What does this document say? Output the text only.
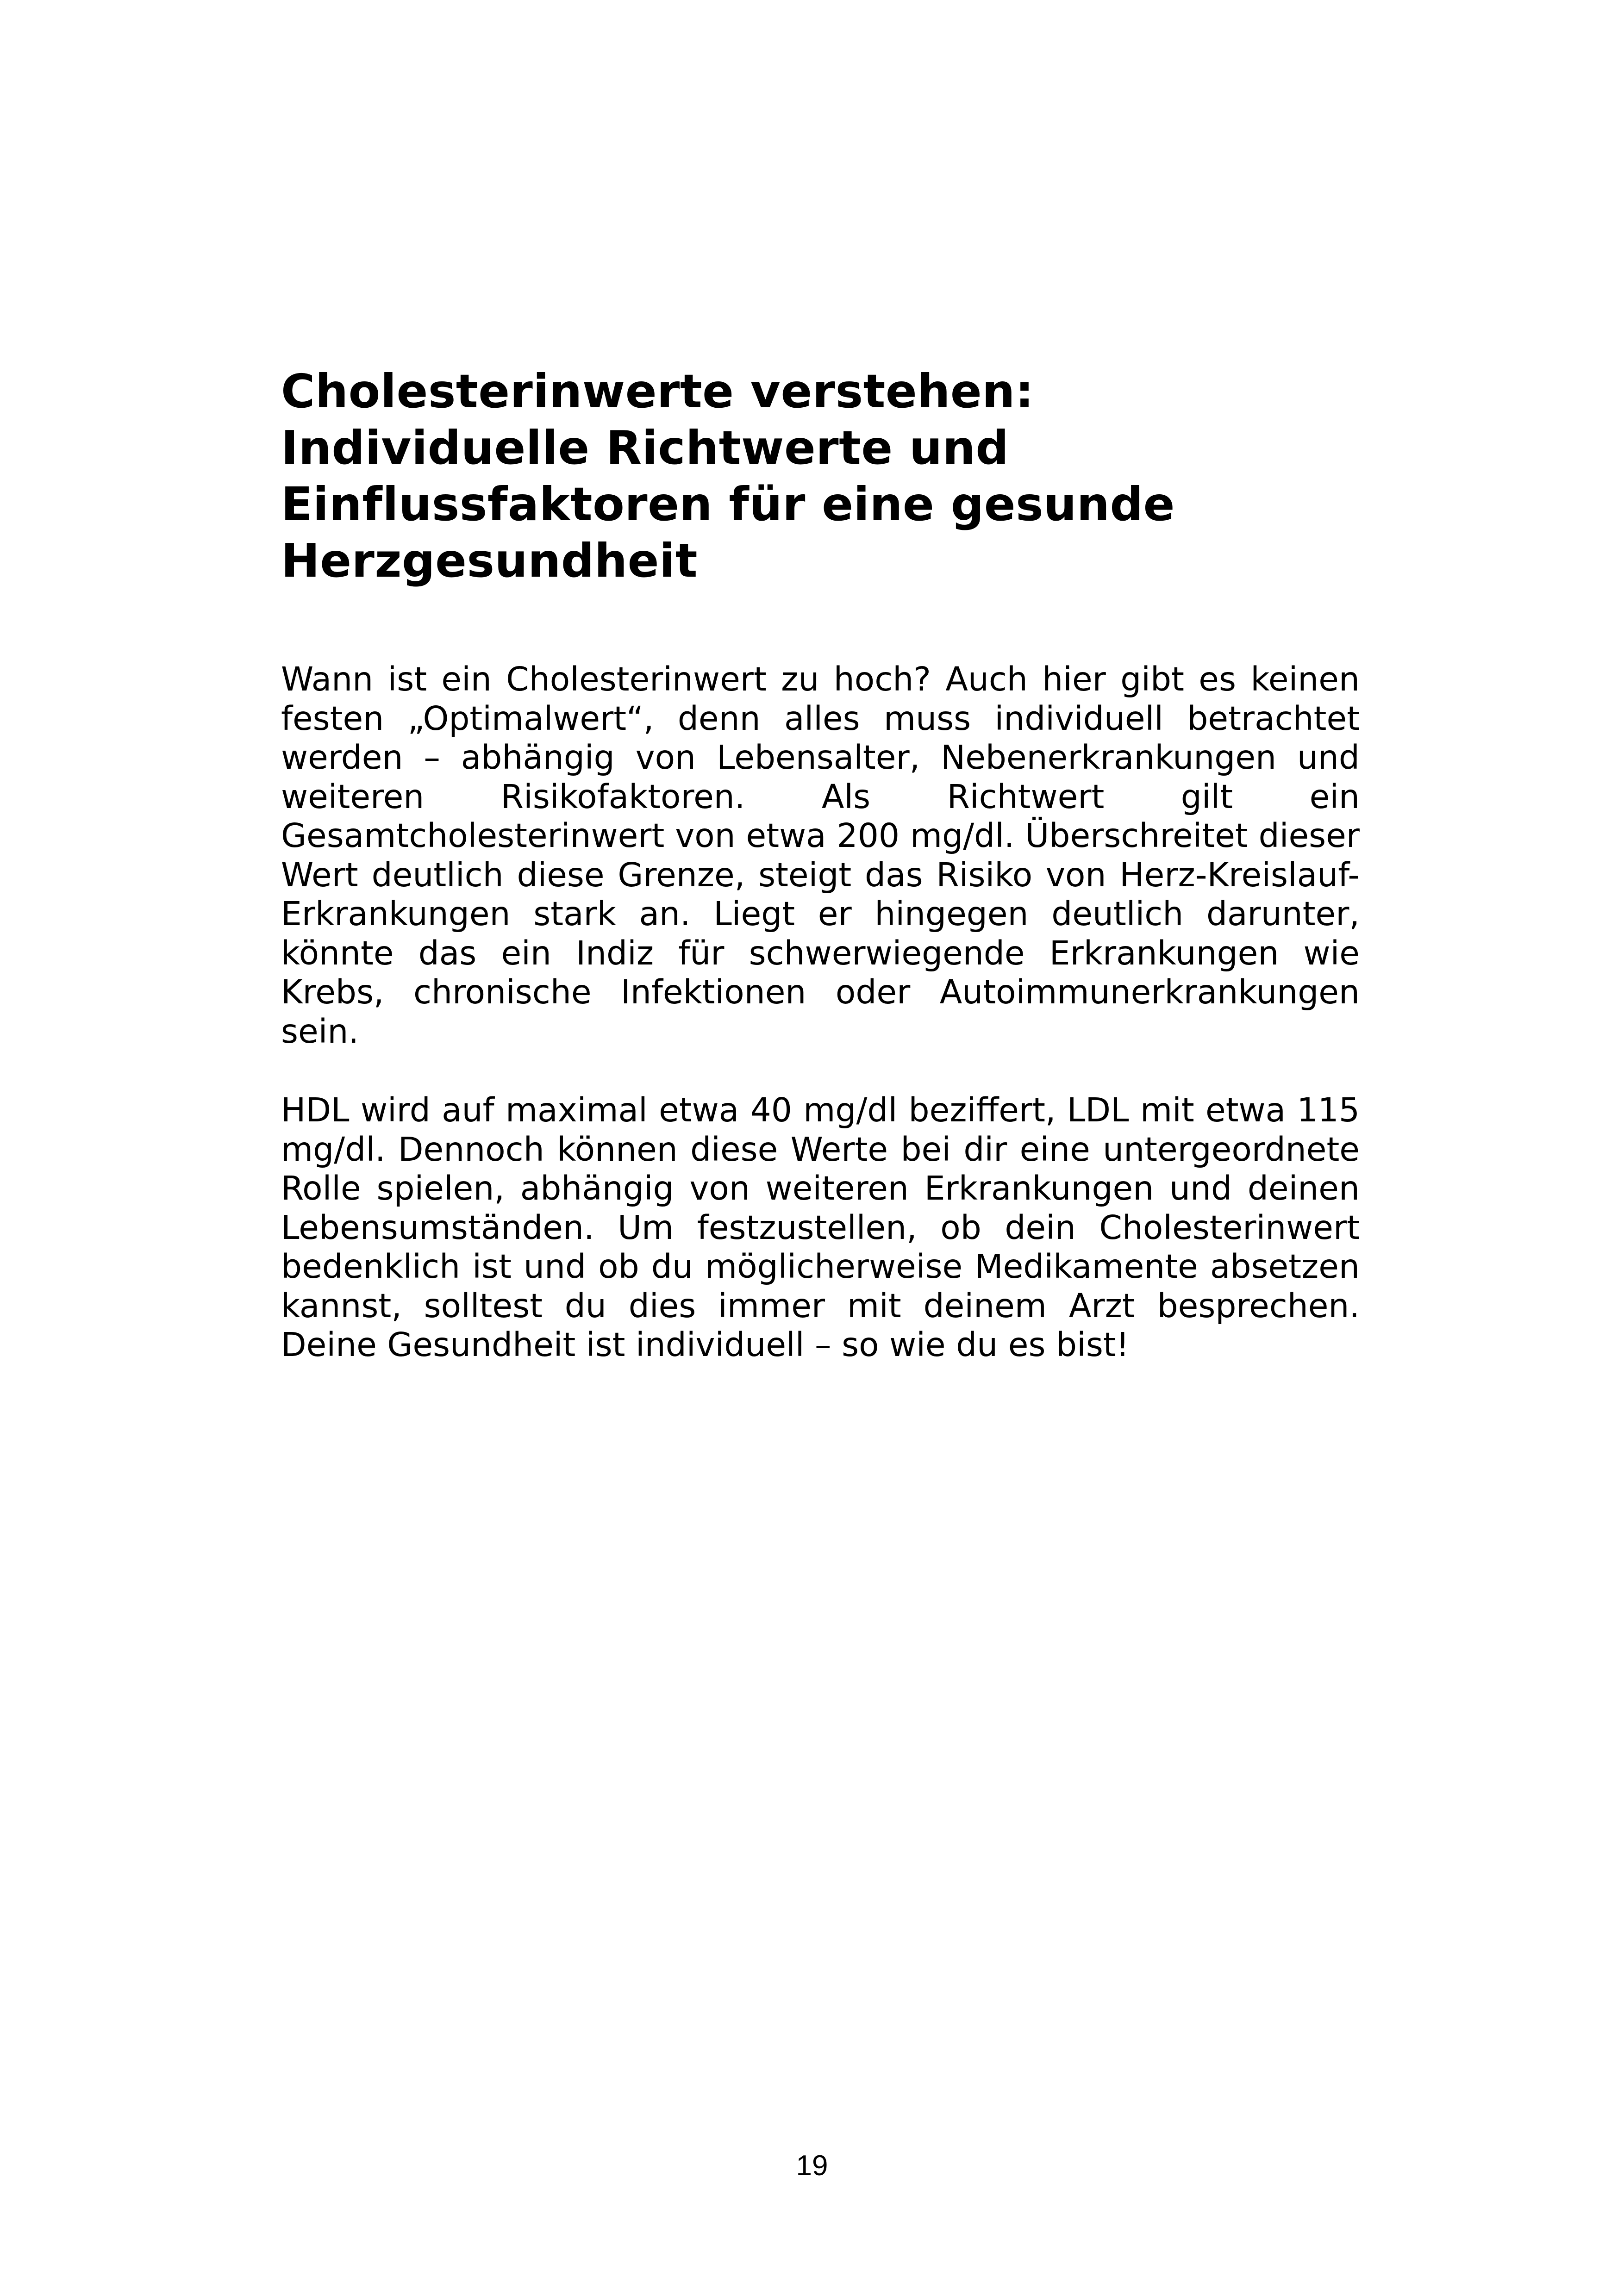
Cholesterinwerte verstehen:
Individuelle Richtwerte und
Einflussfaktoren für eine gesunde
Herzgesundheit

Wann ist ein Cholesterinwert zu hoch? Auch hier gibt es keinen festen „Optimalwert“, denn alles muss individuell betrachtet werden – abhängig von Lebensalter, Nebenerkrankungen und weiteren Risikofaktoren. Als Richtwert gilt ein Gesamtcholesterinwert von etwa 200 mg/dl. Überschreitet dieser Wert deutlich diese Grenze, steigt das Risiko von Herz-Kreislauf-Erkrankungen stark an. Liegt er hingegen deutlich darunter, könnte das ein Indiz für schwerwiegende Erkrankungen wie Krebs, chronische Infektionen oder Autoimmunerkrankungen sein.

HDL wird auf maximal etwa 40 mg/dl beziffert, LDL mit etwa 115 mg/dl. Dennoch können diese Werte bei dir eine untergeordnete Rolle spielen, abhängig von weiteren Erkrankungen und deinen Lebensumständen. Um festzustellen, ob dein Cholesterinwert bedenklich ist und ob du möglicherweise Medikamente absetzen kannst, solltest du dies immer mit deinem Arzt besprechen. Deine Gesundheit ist individuell – so wie du es bist!

19
